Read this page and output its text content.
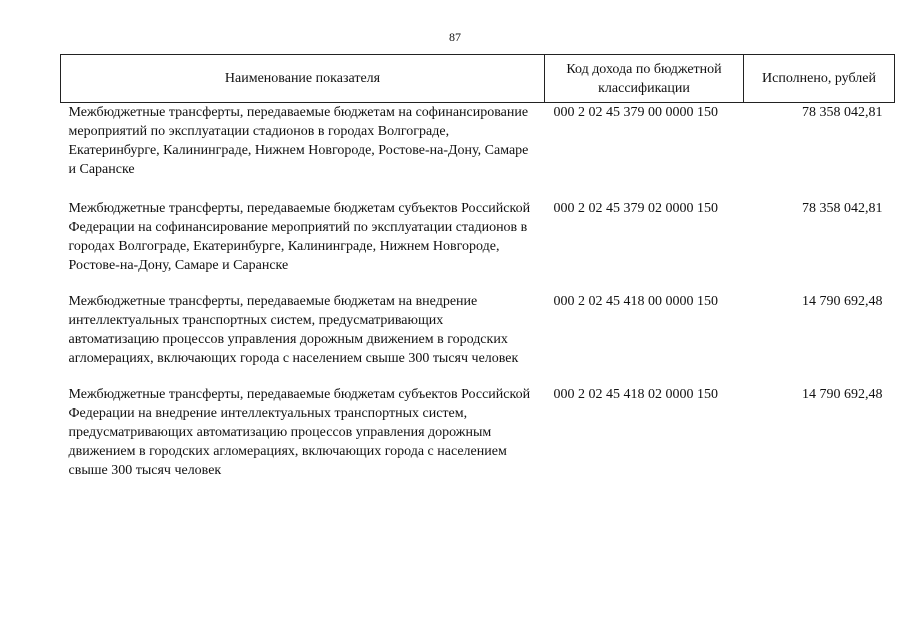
87
Наименование показателя	Код дохода по бюджетной классификации	Исполнено, рублей
Межбюджетные трансферты, передаваемые бюджетам на софинансирование мероприятий по эксплуатации стадионов в городах Волгограде, Екатеринбурге, Калининграде, Нижнем Новгороде, Ростове-на-Дону, Самаре и Саранске	000 2 02 45 379 00 0000 150	78 358 042,81

Межбюджетные трансферты, передаваемые бюджетам субъектов Российской Федерации на софинансирование мероприятий по эксплуатации стадионов в городах Волгограде, Екатеринбурге, Калининграде, Нижнем Новгороде, Ростове-на-Дону, Самаре и Саранске	000 2 02 45 379 02 0000 150	78 358 042,81

Межбюджетные трансферты, передаваемые бюджетам на внедрение интеллектуальных транспортных систем, предусматривающих автоматизацию процессов управления дорожным движением в городских агломерациях, включающих города с населением свыше 300 тысяч человек	000 2 02 45 418 00 0000 150	14 790 692,48

Межбюджетные трансферты, передаваемые бюджетам субъектов Российской Федерации на внедрение интеллектуальных транспортных систем, предусматривающих автоматизацию процессов управления дорожным движением в городских агломерациях, включающих города с населением свыше 300 тысяч человек	000 2 02 45 418 02 0000 150	14 790 692,48
